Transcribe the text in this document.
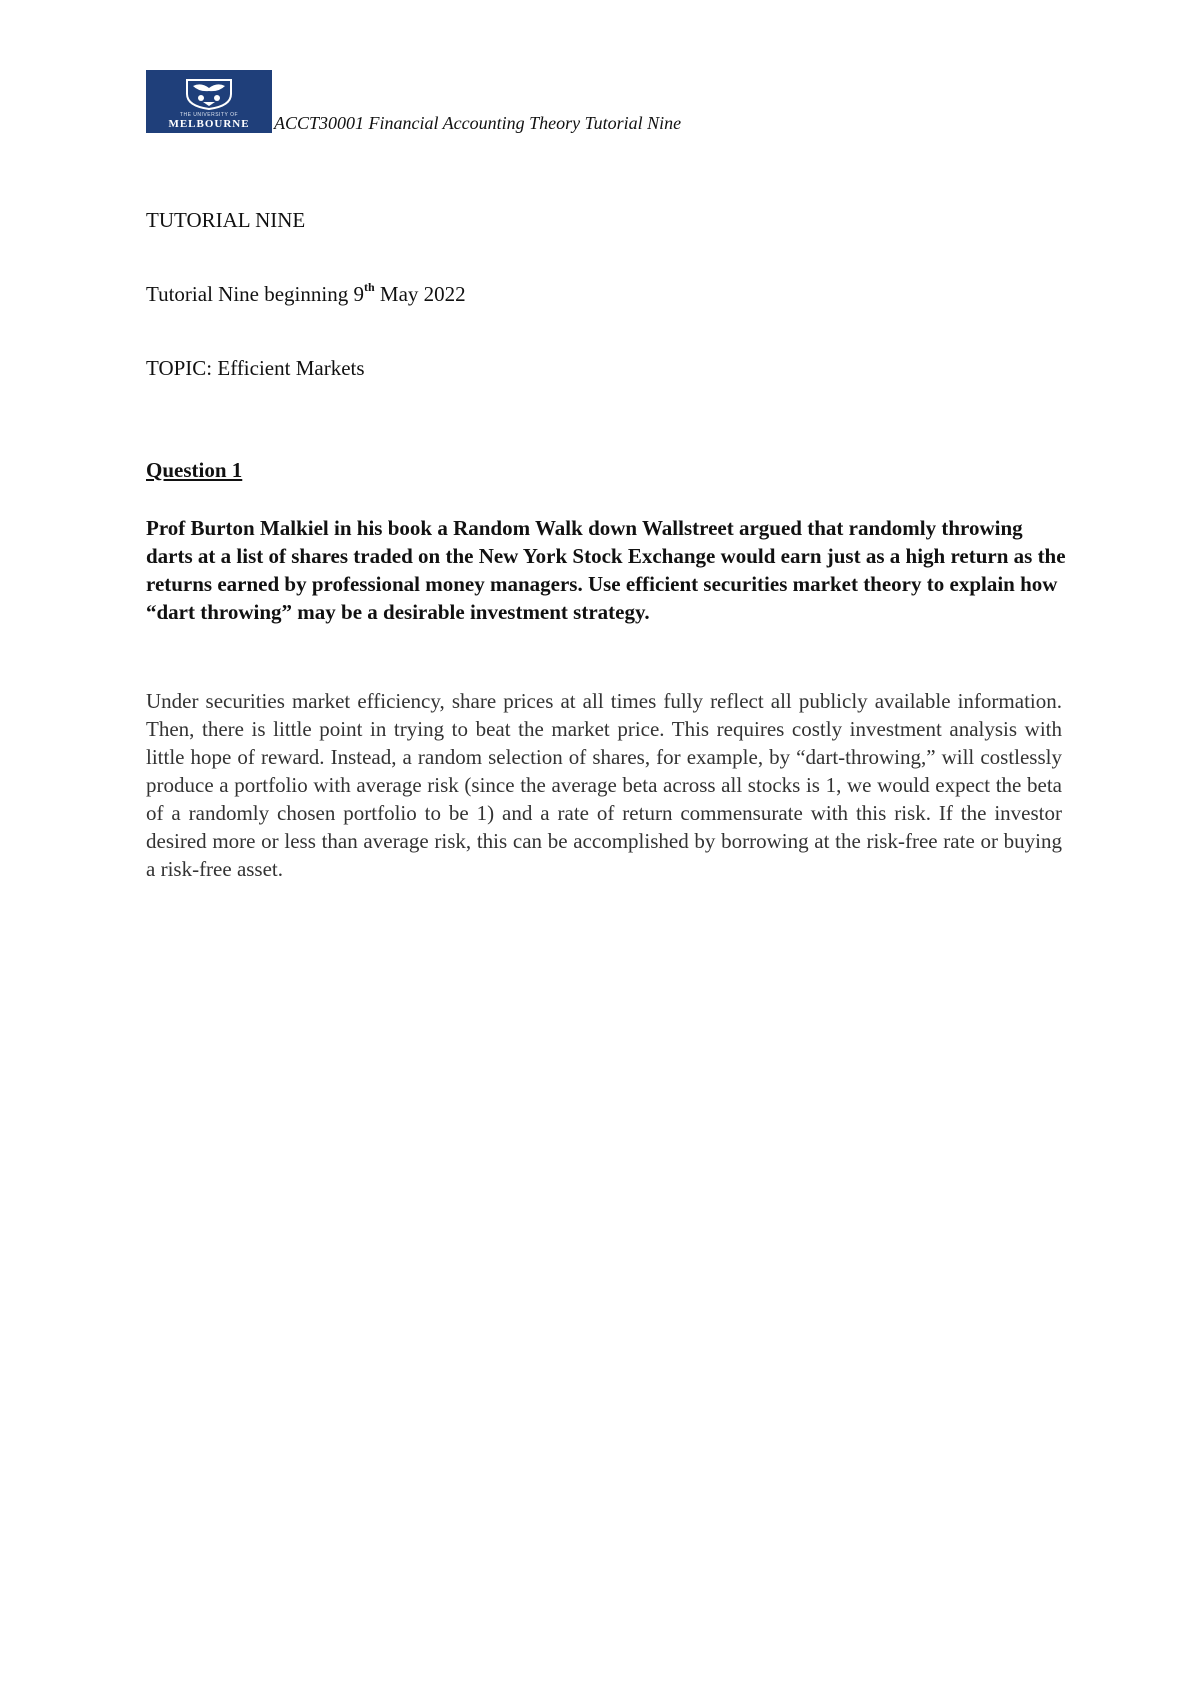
THE UNIVERSITY OF
MELBOURNE ACCT30001 Financial Accounting Theory Tutorial Nine
TUTORIAL NINE
Tutorial Nine beginning 9th May 2022
TOPIC: Efficient Markets
Question 1
Prof Burton Malkiel in his book a Random Walk down Wallstreet argued that randomly throwing darts at a list of shares traded on the New York Stock Exchange would earn just as a high return as the returns earned by professional money managers. Use efficient securities market theory to explain how “dart throwing” may be a desirable investment strategy.
Under securities market efficiency, share prices at all times fully reflect all publicly available information. Then, there is little point in trying to beat the market price. This requires costly investment analysis with little hope of reward. Instead, a random selection of shares, for example, by “dart-throwing,” will costlessly produce a portfolio with average risk (since the average beta across all stocks is 1, we would expect the beta of a randomly chosen portfolio to be 1) and a rate of return commensurate with this risk. If the investor desired more or less than average risk, this can be accomplished by borrowing at the risk-free rate or buying a risk-free asset.
